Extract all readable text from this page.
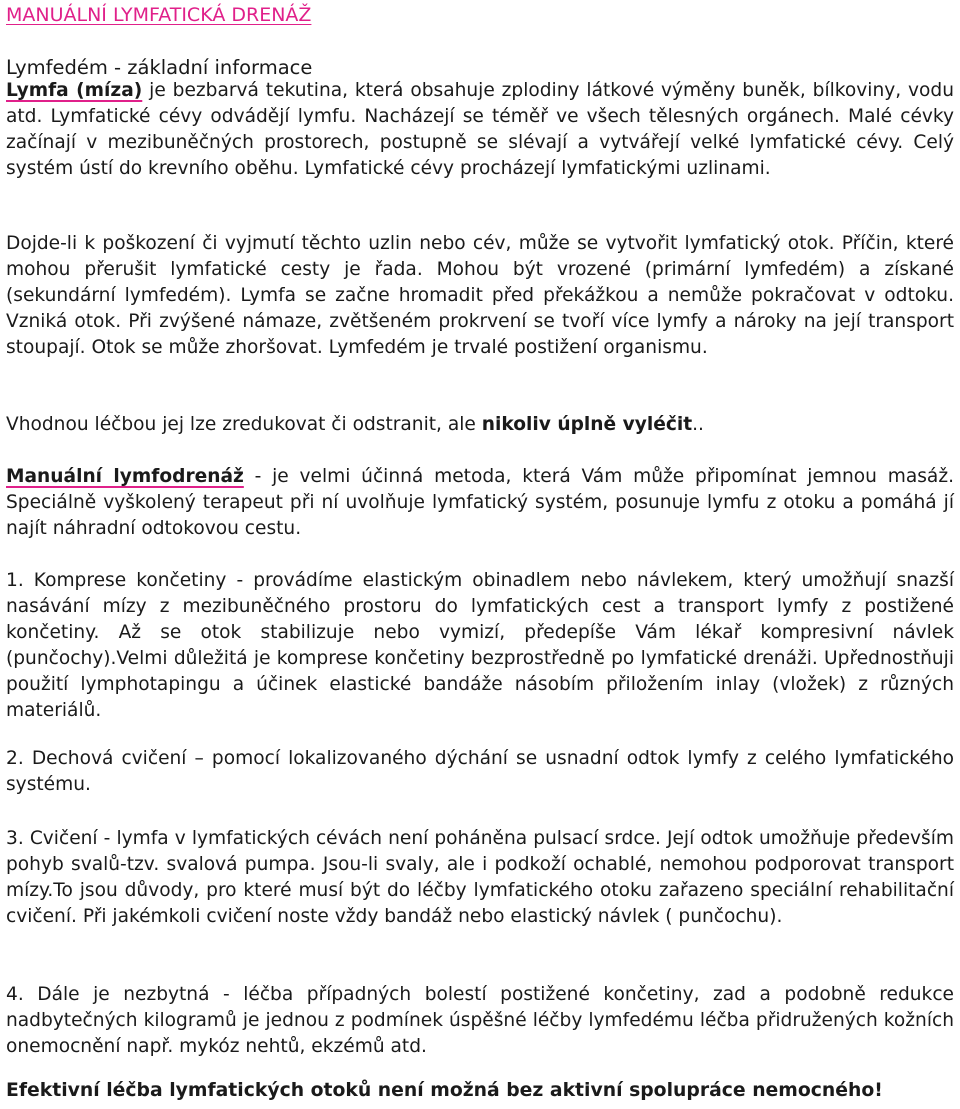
MANUÁLNÍ LYMFATICKÁ DRENÁŽ
Lymfedém - základní informace

Lymfa (míza) je bezbarvá tekutina, která obsahuje zplodiny látkové výměny buněk, bílkoviny, vodu atd. Lymfatické cévy odvádějí lymfu. Nacházejí se téměř ve všech tělesných orgánech. Malé cévky začínají v mezibuněčných prostorech, postupně se slévají a vytvářejí velké lymfatické cévy. Celý systém ústí do krevního oběhu. Lymfatické cévy procházejí lymfatickými uzlinami.

Dojde-li k poškození či vyjmutí těchto uzlin nebo cév, může se vytvořit lymfatický otok. Příčin, které mohou přerušit lymfatické cesty je řada. Mohou být vrozené (primární lymfedém) a získané (sekundární lymfedém). Lymfa se začne hromadit před překážkou a nemůže pokračovat v odtoku. Vzniká otok. Při zvýšené námaze, zvětšeném prokrvení se tvoří více lymfy a nároky na její transport stoupají. Otok se může zhoršovat. Lymfedém je trvalé postižení organismu.

Vhodnou léčbou jej lze zredukovat či odstranit, ale nikoliv úplně vyléčit..

Manuální lymfodrenáž - je velmi účinná metoda, která Vám může připomínat jemnou masáž. Speciálně vyškolený terapeut při ní uvolňuje lymfatický systém, posunuje lymfu z otoku a pomáhá jí najít náhradní odtokovou cestu.

1. Komprese končetiny - provádíme elastickým obinadlem nebo návlekem, který umožňují snazší nasávání mízy z mezibuněčného prostoru do lymfatických cest a transport lymfy z postižené končetiny. Až se otok stabilizuje nebo vymizí, předepíše Vám lékař kompresivní návlek (punčochy).Velmi důležitá je komprese končetiny bezprostředně po lymfatické drenáži. Upřednostňuji použití lymphotapingu a účinek elastické bandáže násobím přiložením inlay (vložek) z různých materiálů.

2. Dechová cvičení – pomocí lokalizovaného dýchání se usnadní odtok lymfy z celého lymfatického systému.

3. Cvičení - lymfa v lymfatických cévách není poháněna pulsací srdce. Její odtok umožňuje především pohyb svalů-tzv. svalová pumpa. Jsou-li svaly, ale i podkoží ochablé, nemohou podporovat transport mízy.To jsou důvody, pro které musí být do léčby lymfatického otoku zařazeno speciální rehabilitační cvičení. Při jakémkoli cvičení noste vždy bandáž nebo elastický návlek ( punčochu).

4. Dále je nezbytná - léčba případných bolestí postižené končetiny, zad a podobně redukce nadbytečných kilogramů je jednou z podmínek úspěšné léčby lymfedému léčba přidružených kožních onemocnění např. mykóz nehtů, ekzémů atd.

Efektivní léčba lymfatických otoků není možná bez aktivní spolupráce nemocného!
